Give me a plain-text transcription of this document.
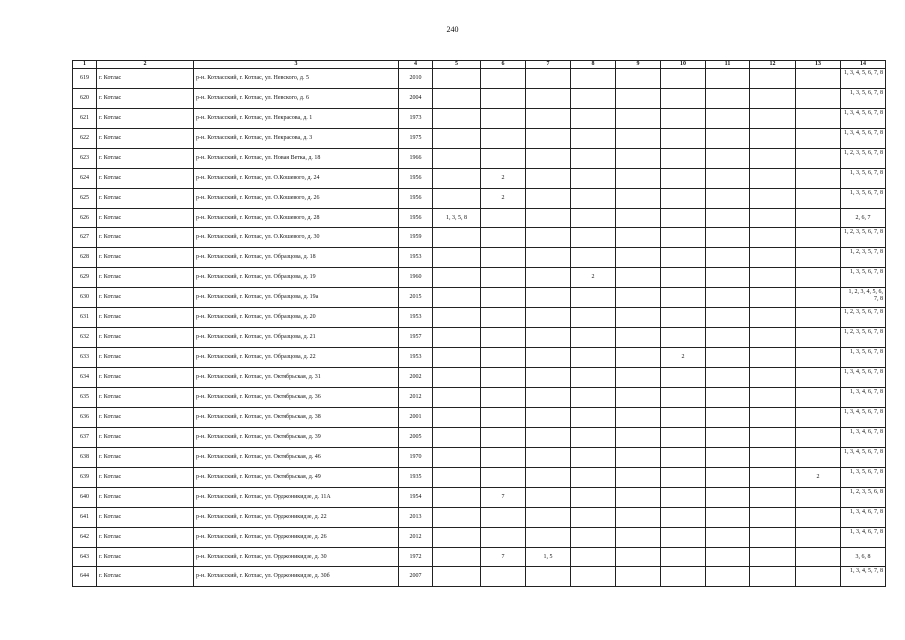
240
1	2	3	4	5	6	7	8	9	10	11	12	13	14
619	г. Котлас	р-н. Котласский, г. Котлас, ул. Невского, д. 5	2010										1, 3, 4, 5, 6, 7, 8
620	г. Котлас	р-н. Котласский, г. Котлас, ул. Невского, д. 6	2004										1, 3, 5, 6, 7, 8
621	г. Котлас	р-н. Котласский, г. Котлас, ул. Некрасова, д. 1	1973										1, 3, 4, 5, 6, 7, 8
622	г. Котлас	р-н. Котласский, г. Котлас, ул. Некрасова, д. 3	1975										1, 3, 4, 5, 6, 7, 8
623	г. Котлас	р-н. Котласский, г. Котлас, ул. Новая Ветка, д. 18	1966										1, 2, 3, 5, 6, 7, 8
624	г. Котлас	р-н. Котласский, г. Котлас, ул. О.Кошевого, д. 24	1956		2								1, 3, 5, 6, 7, 8
625	г. Котлас	р-н. Котласский, г. Котлас, ул. О.Кошевого, д. 26	1956		2								1, 3, 5, 6, 7, 8
626	г. Котлас	р-н. Котласский, г. Котлас, ул. О.Кошевого, д. 28	1956	1, 3, 5, 8									2, 6, 7
627	г. Котлас	р-н. Котласский, г. Котлас, ул. О.Кошевого, д. 30	1959										1, 2, 3, 5, 6, 7, 8
628	г. Котлас	р-н. Котласский, г. Котлас, ул. Образцова, д. 18	1953										1, 2, 3, 5, 7, 8
629	г. Котлас	р-н. Котласский, г. Котлас, ул. Образцова, д. 19	1960				2						1, 3, 5, 6, 7, 8
630	г. Котлас	р-н. Котласский, г. Котлас, ул. Образцова, д. 19а	2015										1, 2, 3, 4, 5, 6, 7, 8
631	г. Котлас	р-н. Котласский, г. Котлас, ул. Образцова, д. 20	1953										1, 2, 3, 5, 6, 7, 8
632	г. Котлас	р-н. Котласский, г. Котлас, ул. Образцова, д. 21	1957										1, 2, 3, 5, 6, 7, 8
633	г. Котлас	р-н. Котласский, г. Котлас, ул. Образцова, д. 22	1953						2				1, 3, 5, 6, 7, 8
634	г. Котлас	р-н. Котласский, г. Котлас, ул. Октябрьская, д. 31	2002										1, 3, 4, 5, 6, 7, 8
635	г. Котлас	р-н. Котласский, г. Котлас, ул. Октябрьская, д. 36	2012										1, 3, 4, 6, 7, 8
636	г. Котлас	р-н. Котласский, г. Котлас, ул. Октябрьская, д. 38	2001										1, 3, 4, 5, 6, 7, 8
637	г. Котлас	р-н. Котласский, г. Котлас, ул. Октябрьская, д. 39	2005										1, 3, 4, 6, 7, 8
638	г. Котлас	р-н. Котласский, г. Котлас, ул. Октябрьская, д. 46	1970										1, 3, 4, 5, 6, 7, 8
639	г. Котлас	р-н. Котласский, г. Котлас, ул. Октябрьская, д. 49	1935									2	1, 3, 5, 6, 7, 8
640	г. Котлас	р-н. Котласский, г. Котлас, ул. Орджоникидзе, д. 11А	1954		7								1, 2, 3, 5, 6, 8
641	г. Котлас	р-н. Котласский, г. Котлас, ул. Орджоникидзе, д. 22	2013										1, 3, 4, 6, 7, 8
642	г. Котлас	р-н. Котласский, г. Котлас, ул. Орджоникидзе, д. 26	2012										1, 3, 4, 6, 7, 8
643	г. Котлас	р-н. Котласский, г. Котлас, ул. Орджоникидзе, д. 30	1972		7	1, 5							3, 6, 8
644	г. Котлас	р-н. Котласский, г. Котлас, ул. Орджоникидзе, д. 30б	2007										1, 3, 4, 5, 7, 8
